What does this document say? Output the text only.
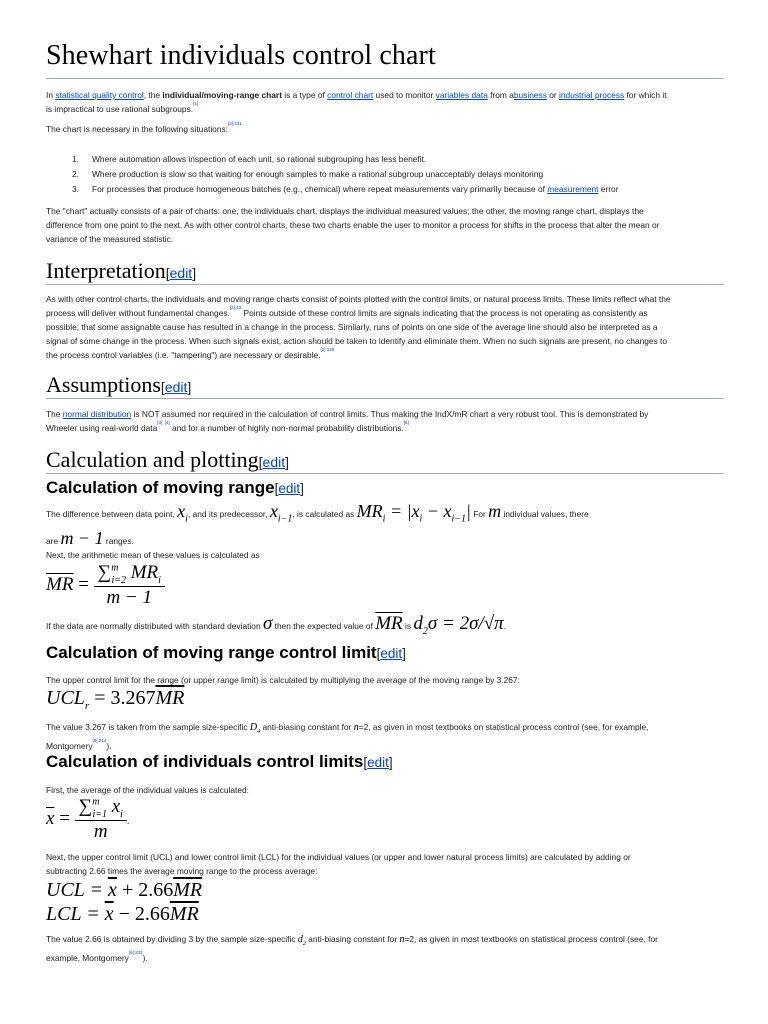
Shewhart individuals control chart

In statistical quality control, the individual/moving-range chart is a type of control chart used to monitor variables data from abusiness or industrial process for which it
is impractical to use rational subgroups.[1]

The chart is necessary in the following situations:$^{[2]:231}$

1. Where automation allows inspection of each unit, so rational subgrouping has less benefit.
2. Where production is slow so that waiting for enough samples to make a rational subgroup unacceptably delays monitoring
3. For processes that produce homogeneous batches (e.g., chemical) where repeat measurements vary primarily because of measurement error

The "chart" actually consists of a pair of charts: one, the individuals chart, displays the individual measured values; the other, the moving range chart, displays the
difference from one point to the next. As with other control charts, these two charts enable the user to monitor a process for shifts in the process that alter the mean or
variance of the measured statistic.

Interpretation[edit]

As with other control charts, the individuals and moving range charts consist of points plotted with the control limits, or natural process limits. These limits reflect what the
process will deliver without fundamental changes.$^{[2]:43}$ Points outside of these control limits are signals indicating that the process is not operating as consistently as
possible; that some assignable cause has resulted in a change in the process. Similarly, runs of points on one side of the average line should also be interpreted as a
signal of some change in the process. When such signals exist, action should be taken to identify and eliminate them. When no such signals are present, no changes to
the process control variables (i.e. "tampering") are necessary or desirable.$^{[2]:125}$

Assumptions[edit]

The normal distribution is NOT assumed nor required in the calculation of control limits. Thus making the IndX/mR chart a very robust tool. This is demonstrated by
Wheeler using real-world data[3] [4] and for a number of highly non-normal probability distributions.[5]

Calculation and plotting[edit]
Calculation of moving range[edit]
The difference between data point, $x_i$, and its predecessor, $x_{i-1}$, is calculated as $MR_i = |x_i - x_{i-1}|$ For m individual values, there
are m − 1 ranges.

Next, the arithmetic mean of these values is calculated as

$\overline{MR} = \frac{\sum^m_{i=2} MR_i}{m - 1}$
If the data are normally distributed with standard deviation σ then the expected value of $\overline{MR}$ is $d_2\sigma = 2\sigma/√\pi$.
Calculation of moving range control limit[edit]

The upper control limit for the range (or upper range limit) is calculated by multiplying the average of the moving range by 3.267:

$UCL_r = 3.267\overline{MR}$

The value 3.267 is taken from the sample size-specific $D_4$ anti-biasing constant for n=2, as given in most textbooks on statistical process control (see, for example,
Montgomery$^{[6]:214}$).

Calculation of individuals control limits[edit]

First, the average of the individual values is calculated:

$\overline{x} = \frac{\sum^m_{i=1} x_i}{m}$ .

Next, the upper control limit (UCL) and lower control limit (LCL) for the individual values (or upper and lower natural process limits) are calculated by adding or
subtracting 2.66 times the average moving range to the process average:

UCL = $\overline{x} + 2.66\overline{MR}$
LCL = $\overline{x} - 2.66\overline{MR}$

The value 2.66 is obtained by dividing 3 by the sample size-specific $d_2$ anti-biasing constant for n=2, as given in most textbooks on statistical process control (see, for
example, Montgomery$^{[6]:231}$).
